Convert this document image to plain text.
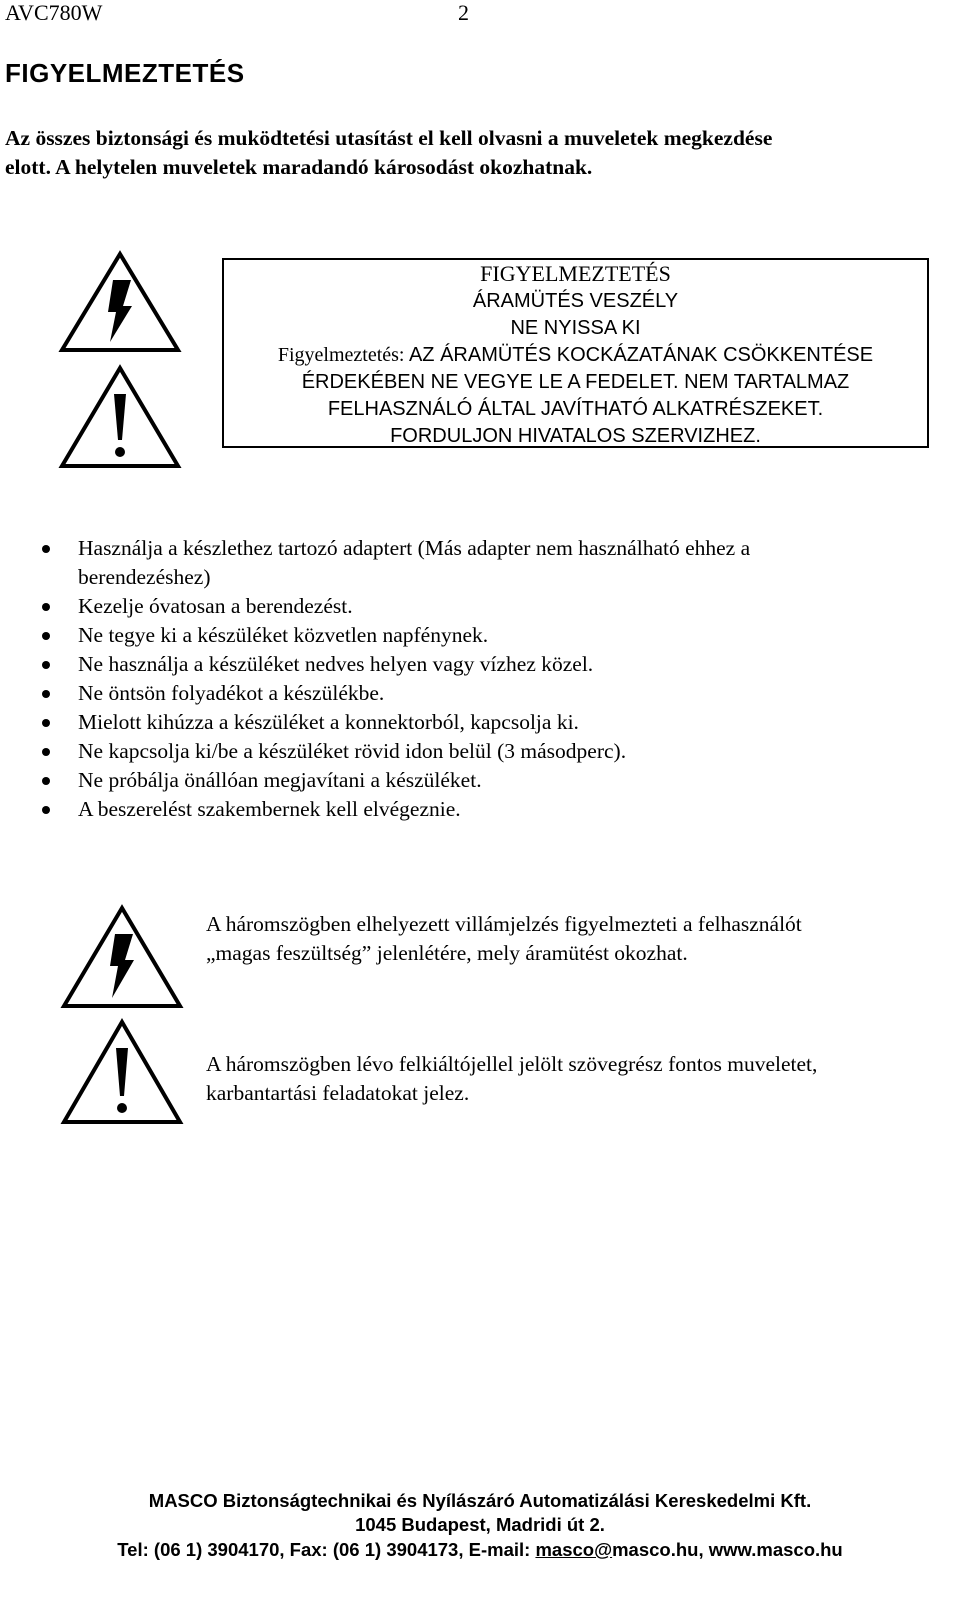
AVC780W	2
FIGYELMEZTETÉS
Az összes biztonsági és muködtetési utasítást el kell olvasni a muveletek megkezdése
elott. A helytelen muveletek maradandó károsodást okozhatnak.
FIGYELMEZTETÉS
ÁRAMÜTÉS VESZÉLY
NE NYISSA KI
Figyelmeztetés: AZ ÁRAMÜTÉS KOCKÁZATÁNAK CSÖKKENTÉSE
ÉRDEKÉBEN NE VEGYE LE A FEDELET. NEM TARTALMAZ
FELHASZNÁLÓ ÁLTAL JAVÍTHATÓ ALKATRÉSZEKET.
FORDULJON HIVATALOS SZERVIZHEZ.
Használja a készlethez tartozó adaptert (Más adapter nem használható ehhez a
berendezéshez)
Kezelje óvatosan a berendezést.
Ne tegye ki a készüléket közvetlen napfénynek.
Ne használja a készüléket nedves helyen vagy vízhez közel.
Ne öntsön folyadékot a készülékbe.
Mielott kihúzza a készüléket a konnektorból, kapcsolja ki.
Ne kapcsolja ki/be a készüléket rövid idon belül (3 másodperc).
Ne próbálja önállóan megjavítani a készüléket.
A beszerelést szakembernek kell elvégeznie.
A háromszögben elhelyezett villámjelzés figyelmezteti a felhasználót
„magas feszültség” jelenlétére, mely áramütést okozhat.
A háromszögben lévo felkiáltójellel jelölt szövegrész fontos muveletet,
karbantartási feladatokat jelez.
MASCO Biztonságtechnikai és Nyílászáró Automatizálási Kereskedelmi Kft.
1045 Budapest, Madridi út 2.
Tel: (06 1) 3904170, Fax: (06 1) 3904173, E-mail: masco@masco.hu, www.masco.hu
